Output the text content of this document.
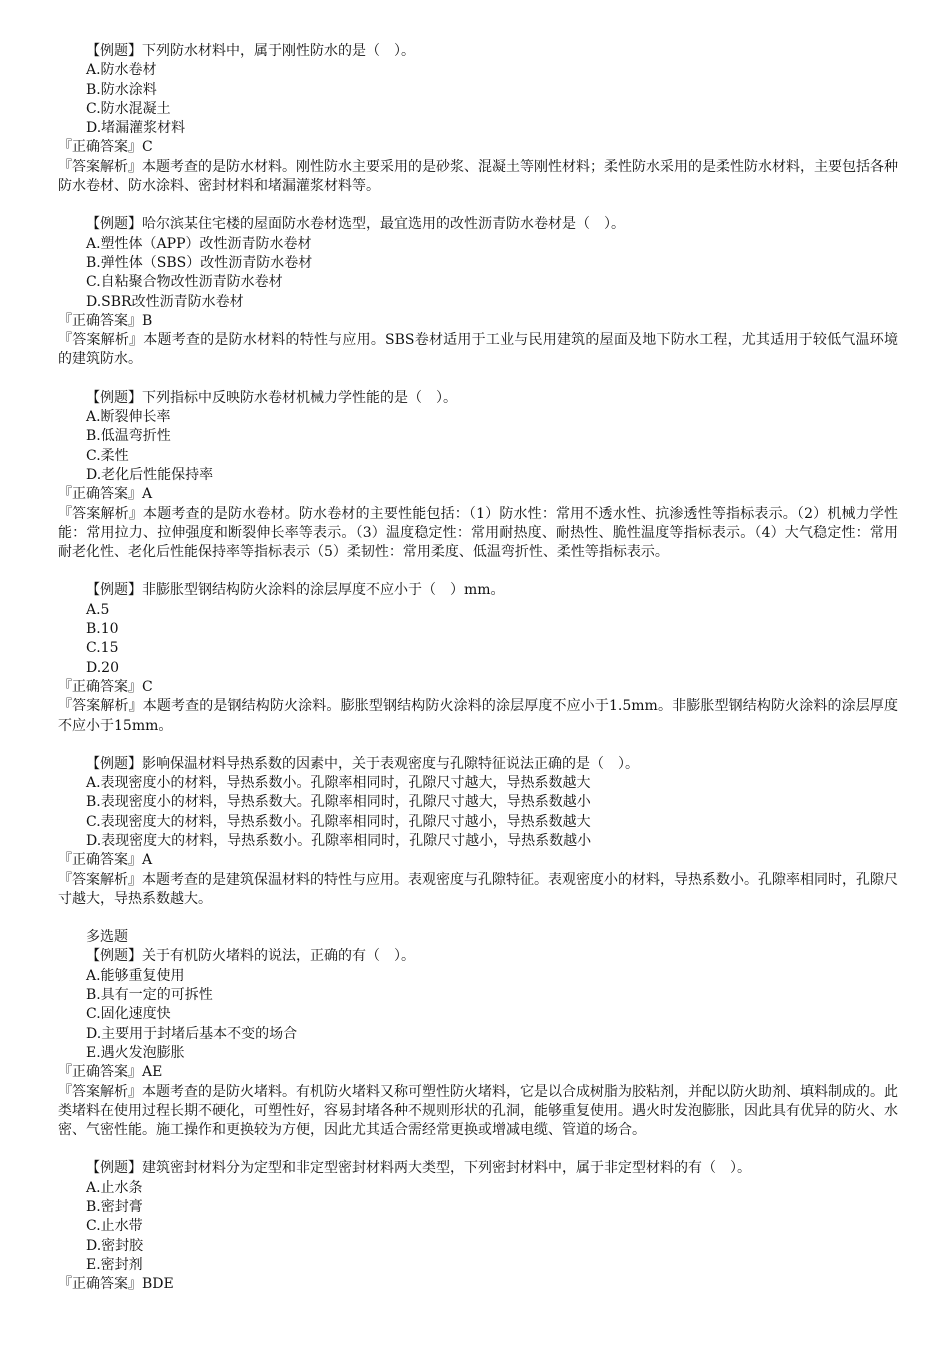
【例题】下列防水材料中，属于刚性防水的是（　）。
A.防水卷材
B.防水涂料
C.防水混凝土
D.堵漏灌浆材料
『正确答案』C
『答案解析』本题考查的是防水材料。刚性防水主要采用的是砂浆、混凝土等刚性材料；柔性防水采用的是柔性防水材料，主要包括各种防水卷材、防水涂料、密封材料和堵漏灌浆材料等。
【例题】哈尔滨某住宅楼的屋面防水卷材选型，最宜选用的改性沥青防水卷材是（　）。
A.塑性体（APP）改性沥青防水卷材
B.弹性体（SBS）改性沥青防水卷材
C.自粘聚合物改性沥青防水卷材
D.SBR改性沥青防水卷材
『正确答案』B
『答案解析』本题考查的是防水材料的特性与应用。SBS卷材适用于工业与民用建筑的屋面及地下防水工程，尤其适用于较低气温环境的建筑防水。
【例题】下列指标中反映防水卷材机械力学性能的是（　）。
A.断裂伸长率
B.低温弯折性
C.柔性
D.老化后性能保持率
『正确答案』A
『答案解析』本题考查的是防水卷材。防水卷材的主要性能包括：（1）防水性：常用不透水性、抗渗透性等指标表示。（2）机械力学性能：常用拉力、拉伸强度和断裂伸长率等表示。（3）温度稳定性：常用耐热度、耐热性、脆性温度等指标表示。（4）大气稳定性：常用耐老化性、老化后性能保持率等指标表示（5）柔韧性：常用柔度、低温弯折性、柔性等指标表示。
【例题】非膨胀型钢结构防火涂料的涂层厚度不应小于（　）mm。
A.5
B.10
C.15
D.20
『正确答案』C
『答案解析』本题考查的是钢结构防火涂料。膨胀型钢结构防火涂料的涂层厚度不应小于1.5mm。非膨胀型钢结构防火涂料的涂层厚度不应小于15mm。
【例题】影响保温材料导热系数的因素中，关于表观密度与孔隙特征说法正确的是（　）。
A.表现密度小的材料，导热系数小。孔隙率相同时，孔隙尺寸越大，导热系数越大
B.表现密度小的材料，导热系数大。孔隙率相同时，孔隙尺寸越大，导热系数越小
C.表现密度大的材料，导热系数小。孔隙率相同时，孔隙尺寸越小，导热系数越大
D.表现密度大的材料，导热系数小。孔隙率相同时，孔隙尺寸越小，导热系数越小
『正确答案』A
『答案解析』本题考查的是建筑保温材料的特性与应用。表观密度与孔隙特征。表观密度小的材料，导热系数小。孔隙率相同时，孔隙尺寸越大，导热系数越大。
多选题
【例题】关于有机防火堵料的说法，正确的有（　）。
A.能够重复使用
B.具有一定的可拆性
C.固化速度快
D.主要用于封堵后基本不变的场合
E.遇火发泡膨胀
『正确答案』AE
『答案解析』本题考查的是防火堵料。有机防火堵料又称可塑性防火堵料，它是以合成树脂为胶粘剂，并配以防火助剂、填料制成的。此类堵料在使用过程长期不硬化，可塑性好，容易封堵各种不规则形状的孔洞，能够重复使用。遇火时发泡膨胀，因此具有优异的防火、水密、气密性能。施工操作和更换较为方便，因此尤其适合需经常更换或增减电缆、管道的场合。
【例题】建筑密封材料分为定型和非定型密封材料两大类型，下列密封材料中，属于非定型材料的有（　）。
A.止水条
B.密封膏
C.止水带
D.密封胶
E.密封剂
『正确答案』BDE
